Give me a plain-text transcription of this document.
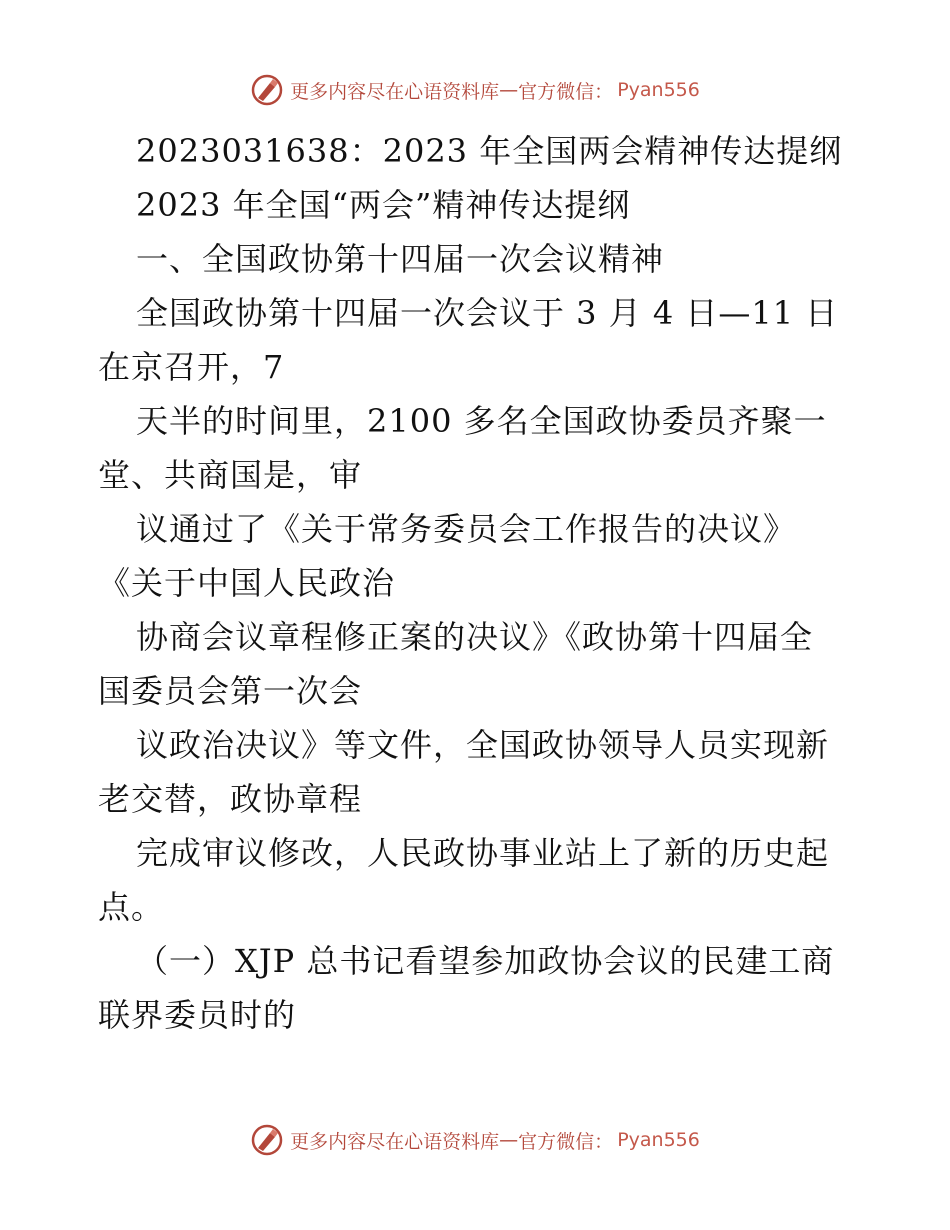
更多内容尽在心语资料库 — 官方微信： Pyan556

2023031638：2023 年全国两会精神传达提纲

2023 年全国“两会”精神传达提纲

一、全国政协第十四届一次会议精神

全国政协第十四届一次会议于 3 月 4 日—11 日

在京召开，7

天半的时间里，2100 多名全国政协委员齐聚一

堂、共商国是，审

议通过了《关于常务委员会工作报告的决议》

《关于中国人民政治

协商会议章程修正案的决议》《政协第十四届全

国委员会第一次会

议政治决议》等文件，全国政协领导人员实现新

老交替，政协章程

完成审议修改，人民政协事业站上了新的历史起

点。

（一）XJP 总书记看望参加政协会议的民建工商

联界委员时的

更多内容尽在心语资料库 — 官方微信： Pyan556
